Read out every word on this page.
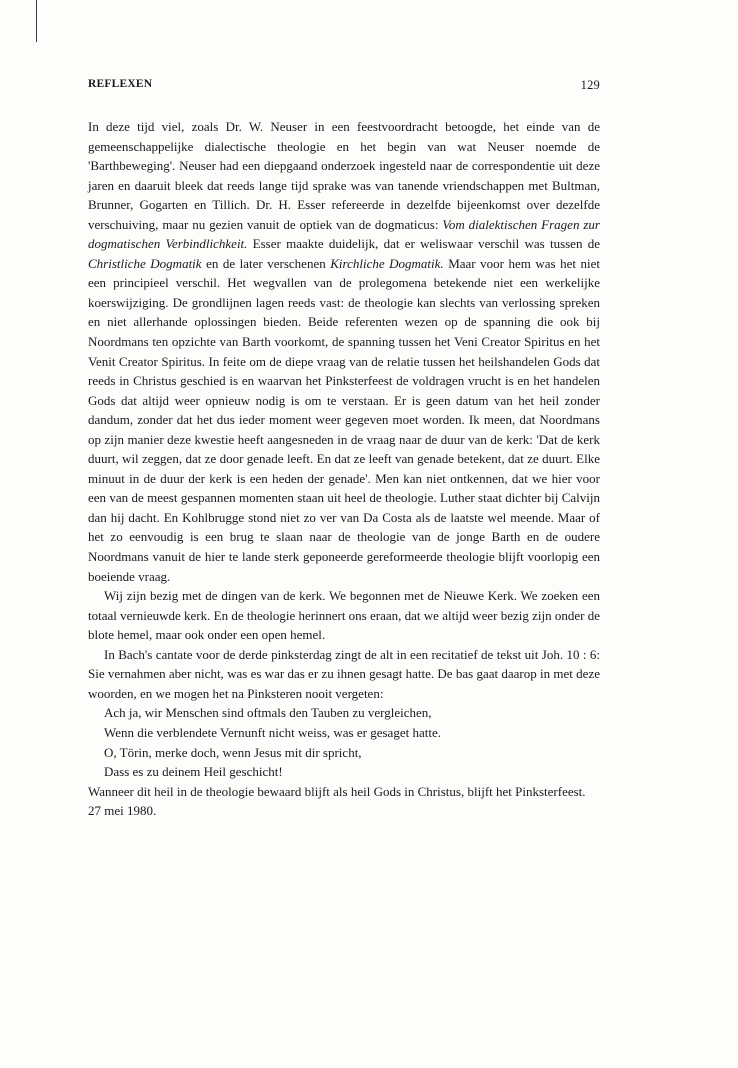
REFLEXEN	129

In deze tijd viel, zoals Dr. W. Neuser in een feestvoordracht betoogde, het einde van de gemeenschappelijke dialectische theologie en het begin van wat Neuser noemde de 'Barthbeweging'. Neuser had een diepgaand onderzoek ingesteld naar de correspondentie uit deze jaren en daaruit bleek dat reeds lange tijd sprake was van tanende vriendschappen met Bultman, Brunner, Gogarten en Tillich. Dr. H. Esser refereerde in dezelfde bijeenkomst over dezelfde verschuiving, maar nu gezien vanuit de optiek van de dogmaticus: Vom dialektischen Fragen zur dogmatischen Verbindlichkeit. Esser maakte duidelijk, dat er weliswaar verschil was tussen de Christliche Dogmatik en de later verschenen Kirchliche Dogmatik. Maar voor hem was het niet een principieel verschil. Het wegvallen van de prolegomena betekende niet een werkelijke koerswijziging. De grondlijnen lagen reeds vast: de theologie kan slechts van verlossing spreken en niet allerhande oplossingen bieden. Beide referenten wezen op de spanning die ook bij Noordmans ten opzichte van Barth voorkomt, de spanning tussen het Veni Creator Spiritus en het Venit Creator Spiritus. In feite om de diepe vraag van de relatie tussen het heilshandelen Gods dat reeds in Christus geschied is en waarvan het Pinksterfeest de voldragen vrucht is en het handelen Gods dat altijd weer opnieuw nodig is om te verstaan. Er is geen datum van het heil zonder dandum, zonder dat het dus ieder moment weer gegeven moet worden. Ik meen, dat Noordmans op zijn manier deze kwestie heeft aangesneden in de vraag naar de duur van de kerk: 'Dat de kerk duurt, wil zeggen, dat ze door genade leeft. En dat ze leeft van genade betekent, dat ze duurt. Elke minuut in de duur der kerk is een heden der genade'. Men kan niet ontkennen, dat we hier voor een van de meest gespannen momenten staan uit heel de theologie. Luther staat dichter bij Calvijn dan hij dacht. En Kohlbrugge stond niet zo ver van Da Costa als de laatste wel meende. Maar of het zo eenvoudig is een brug te slaan naar de theologie van de jonge Barth en de oudere Noordmans vanuit de hier te lande sterk geponeerde gereformeerde theologie blijft voorlopig een boeiende vraag.

Wij zijn bezig met de dingen van de kerk. We begonnen met de Nieuwe Kerk. We zoeken een totaal vernieuwde kerk. En de theologie herinnert ons eraan, dat we altijd weer bezig zijn onder de blote hemel, maar ook onder een open hemel.

In Bach's cantate voor de derde pinksterdag zingt de alt in een recitatief de tekst uit Joh. 10 : 6: Sie vernahmen aber nicht, was es war das er zu ihnen gesagt hatte. De bas gaat daarop in met deze woorden, en we mogen het na Pinksteren nooit vergeten:

Ach ja, wir Menschen sind oftmals den Tauben zu vergleichen,
Wenn die verblendete Vernunft nicht weiss, was er gesaget hatte.
O, Törin, merke doch, wenn Jesus mit dir spricht,
Dass es zu deinem Heil geschicht!

Wanneer dit heil in de theologie bewaard blijft als heil Gods in Christus, blijft het Pinksterfeest.

27 mei 1980.
